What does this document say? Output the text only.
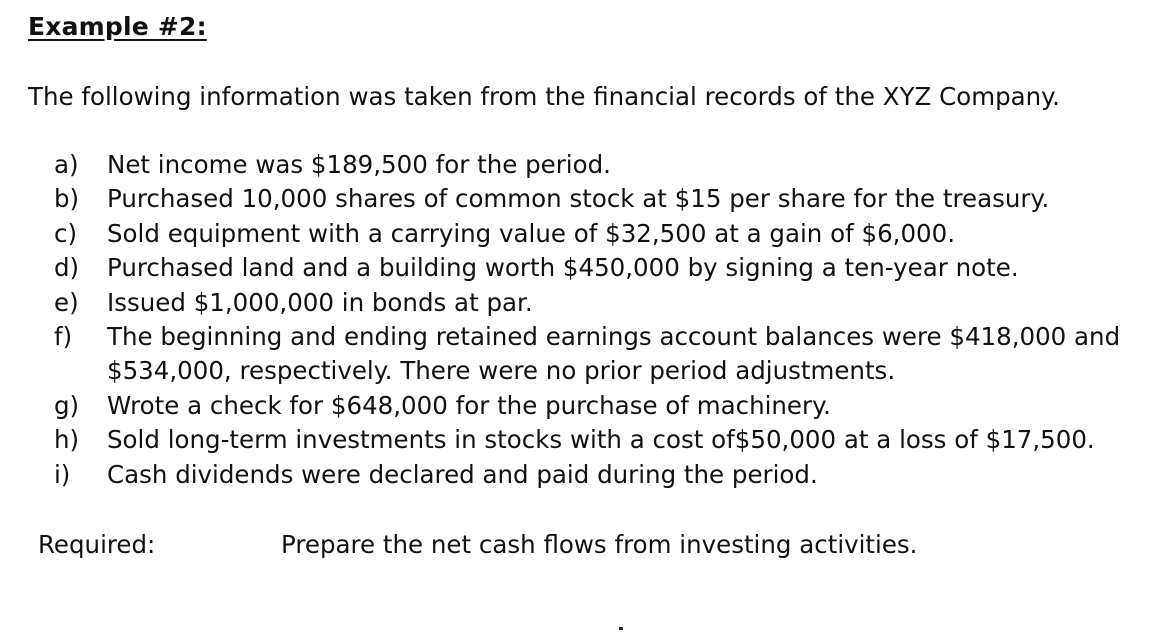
Example #2:
The following information was taken from the financial records of the XYZ Company.
a) Net income was $189,500 for the period.
b) Purchased 10,000 shares of common stock at $15 per share for the treasury.
c) Sold equipment with a carrying value of $32,500 at a gain of $6,000.
d) Purchased land and a building worth $450,000 by signing a ten-year note.
e) Issued $1,000,000 in bonds at par.
f) The beginning and ending retained earnings account balances were $418,000 and
$534,000, respectively. There were no prior period adjustments.
g) Wrote a check for $648,000 for the purchase of machinery.
h) Sold long-term investments in stocks with a cost of$50,000 at a loss of $17,500.
i) Cash dividends were declared and paid during the period.
Required:	Prepare the net cash flows from investing activities.
